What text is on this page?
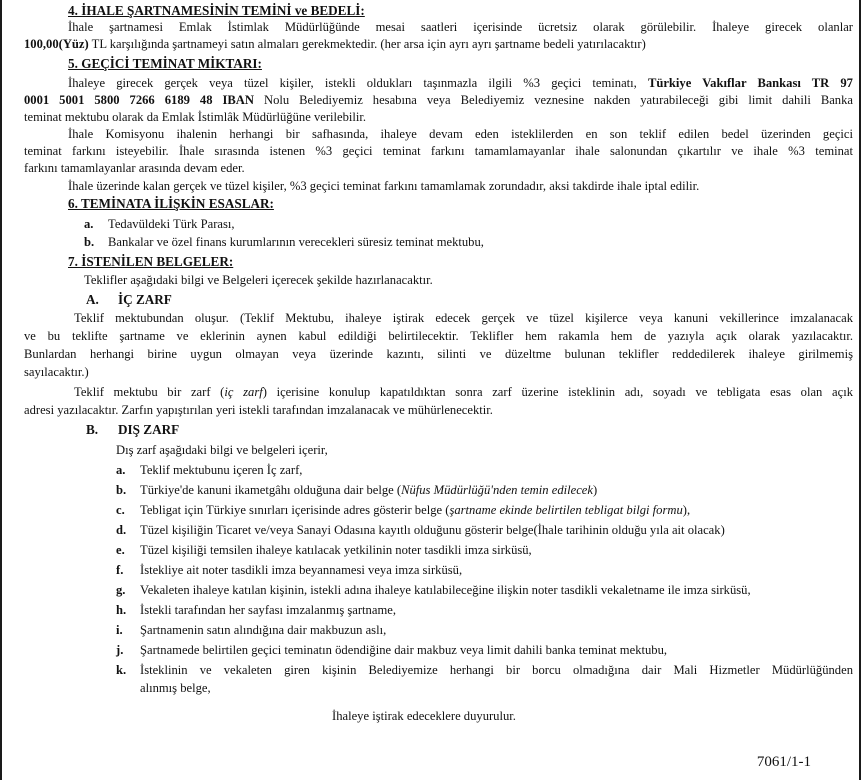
4. İHALE ŞARTNAMESİNİN TEMİNİ ve BEDELİ:
İhale şartnamesi Emlak İstimlak Müdürlüğünde mesai saatleri içerisinde ücretsiz olarak görülebilir. İhaleye girecek olanlar
100,00(Yüz) TL karşılığında şartnameyi satın almaları gerekmektedir. (her arsa için ayrı ayrı şartname bedeli yatırılacaktır)
5. GEÇİCİ TEMİNAT MİKTARI:
İhaleye girecek gerçek veya tüzel kişiler, istekli oldukları taşınmazla ilgili %3 geçici teminatı, Türkiye Vakıflar Bankası TR 97
0001 5001 5800 7266 6189 48 IBAN Nolu Belediyemiz hesabına veya Belediyemiz veznesine nakden yatırabileceği gibi limit dahili Banka
teminat mektubu olarak da Emlak İstimlâk Müdürlüğüne verilebilir.
İhale Komisyonu ihalenin herhangi bir safhasında, ihaleye devam eden isteklilerden en son teklif edilen bedel üzerinden geçici
teminat farkını isteyebilir. İhale sırasında istenen %3 geçici teminat farkını tamamlamayanlar ihale salonundan çıkartılır ve ihale %3 teminat
farkını tamamlayanlar arasında devam eder.
İhale üzerinde kalan gerçek ve tüzel kişiler, %3 geçici teminat farkını tamamlamak zorundadır, aksi takdirde ihale iptal edilir.
6. TEMİNATA İLİŞKİN ESASLAR:
a. Tedavüldeki Türk Parası,
b. Bankalar ve özel finans kurumlarının verecekleri süresiz teminat mektubu,
7. İSTENİLEN BELGELER:
Teklifler aşağıdaki bilgi ve Belgeleri içerecek şekilde hazırlanacaktır.
A. İÇ ZARF
Teklif mektubundan oluşur. (Teklif Mektubu, ihaleye iştirak edecek gerçek ve tüzel kişilerce veya kanuni vekillerince imzalanacak
ve bu teklifte şartname ve eklerinin aynen kabul edildiği belirtilecektir. Teklifler hem rakamla hem de yazıyla açık olarak yazılacaktır.
Bunlardan herhangi birine uygun olmayan veya üzerinde kazıntı, silinti ve düzeltme bulunan teklifler reddedilerek ihaleye girilmemiş
sayılacaktır.)
Teklif mektubu bir zarf (iç zarf) içerisine konulup kapatıldıktan sonra zarf üzerine isteklinin adı, soyadı ve tebligata esas olan açık
adresi yazılacaktır. Zarfın yapıştırılan yeri istekli tarafından imzalanacak ve mühürlenecektir.
B. DIŞ ZARF
Dış zarf aşağıdaki bilgi ve belgeleri içerir,
a. Teklif mektubunu içeren İç zarf,
b. Türkiye'de kanuni ikametgâhı olduğuna dair belge (Nüfus Müdürlüğü'nden temin edilecek)
c. Tebligat için Türkiye sınırları içerisinde adres gösterir belge (şartname ekinde belirtilen tebligat bilgi formu),
d. Tüzel kişiliğin Ticaret ve/veya Sanayi Odasına kayıtlı olduğunu gösterir belge(İhale tarihinin olduğu yıla ait olacak)
e. Tüzel kişiliği temsilen ihaleye katılacak yetkilinin noter tasdikli imza sirküsü,
f. İstekliye ait noter tasdikli imza beyannamesi veya imza sirküsü,
g. Vekaleten ihaleye katılan kişinin, istekli adına ihaleye katılabileceğine ilişkin noter tasdikli vekaletname ile imza sirküsü,
h. İstekli tarafından her sayfası imzalanmış şartname,
i. Şartnamenin satın alındığına dair makbuzun aslı,
j. Şartnamede belirtilen geçici teminatın ödendiğine dair makbuz veya limit dahili banka teminat mektubu,
k. İsteklinin ve vekaleten giren kişinin Belediyemize herhangi bir borcu olmadığına dair Mali Hizmetler Müdürlüğünden
alınmış belge,
İhaleye iştirak edeceklere duyurulur.
7061/1-1
